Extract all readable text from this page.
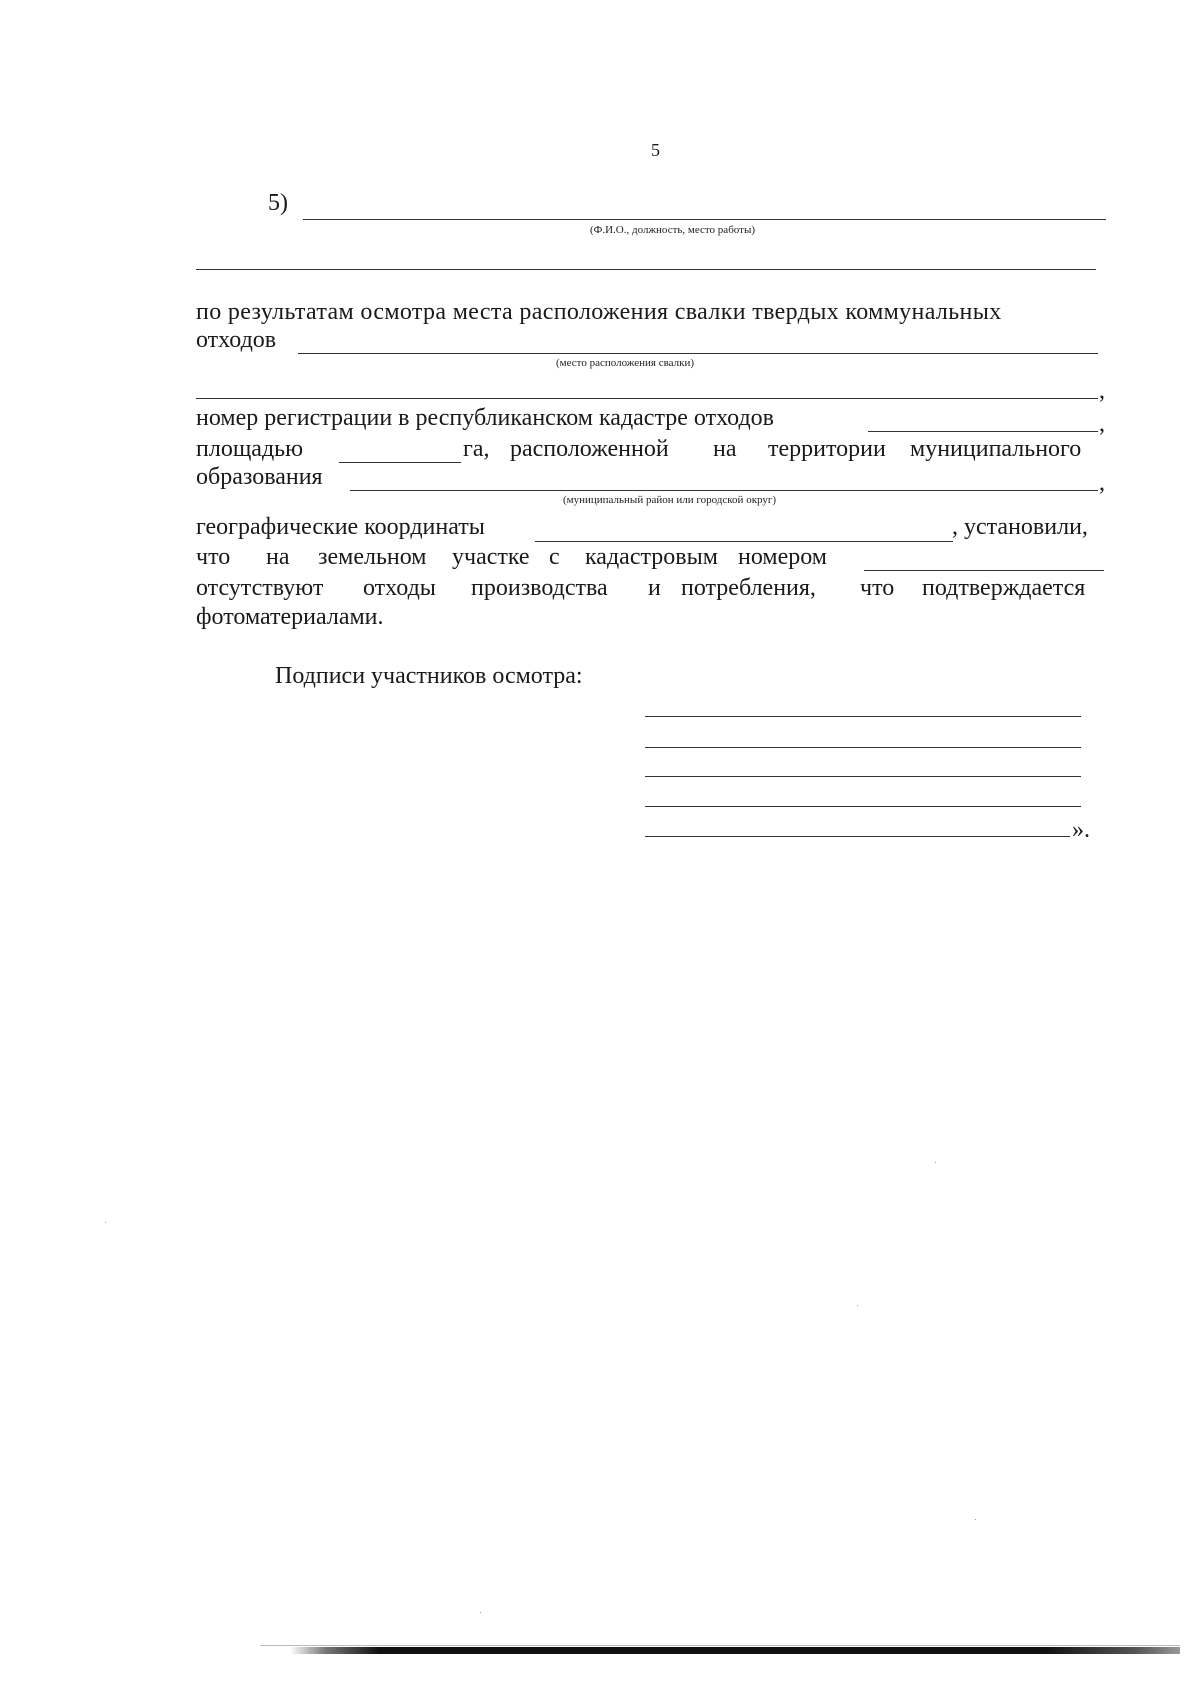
5
5)
(Ф.И.О., должность, место работы)
по результатам осмотра места расположения свалки твердых коммунальных
отходов
(место расположения свалки)
,
номер регистрации в республиканском кадастре отходов	,
площадью	га, расположенной на территории муниципального
образования	,
(муниципальный район или городской округ)
географические координаты	, установили,
что на земельном участке с кадастровым номером
отсутствуют отходы производства и потребления, что подтверждается
фотоматериалами.
Подписи участников осмотра:
».
